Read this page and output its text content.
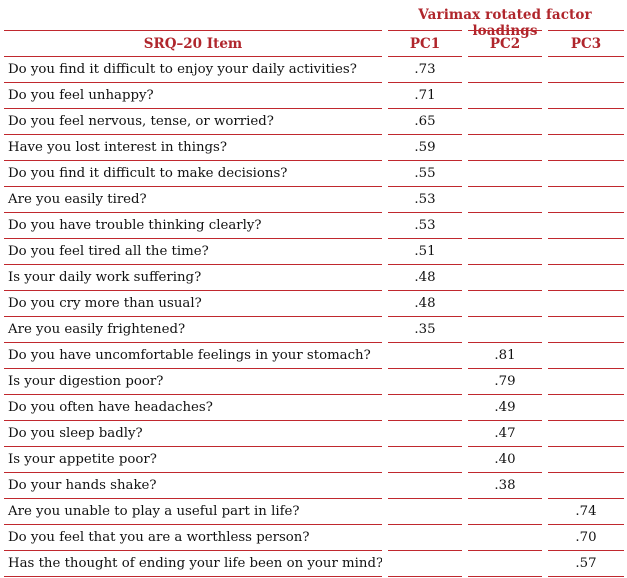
Varimax rotated factor loadings
SRQ–20 Item	PC1	PC2	PC3
Do you find it difficult to enjoy your daily activities?	.73		
Do you feel unhappy?	.71		
Do you feel nervous, tense, or worried?	.65		
Have you lost interest in things?	.59		
Do you find it difficult to make decisions?	.55		
Are you easily tired?	.53		
Do you have trouble thinking clearly?	.53		
Do you feel tired all the time?	.51		
Is your daily work suffering?	.48		
Do you cry more than usual?	.48		
Are you easily frightened?	.35		
Do you have uncomfortable feelings in your stomach?		.81	
Is your digestion poor?		.79	
Do you often have headaches?		.49	
Do you sleep badly?		.47	
Is your appetite poor?		.40	
Do your hands shake?		.38	
Are you unable to play a useful part in life?			.74
Do you feel that you are a worthless person?			.70
Has the thought of ending your life been on your mind?			.57
